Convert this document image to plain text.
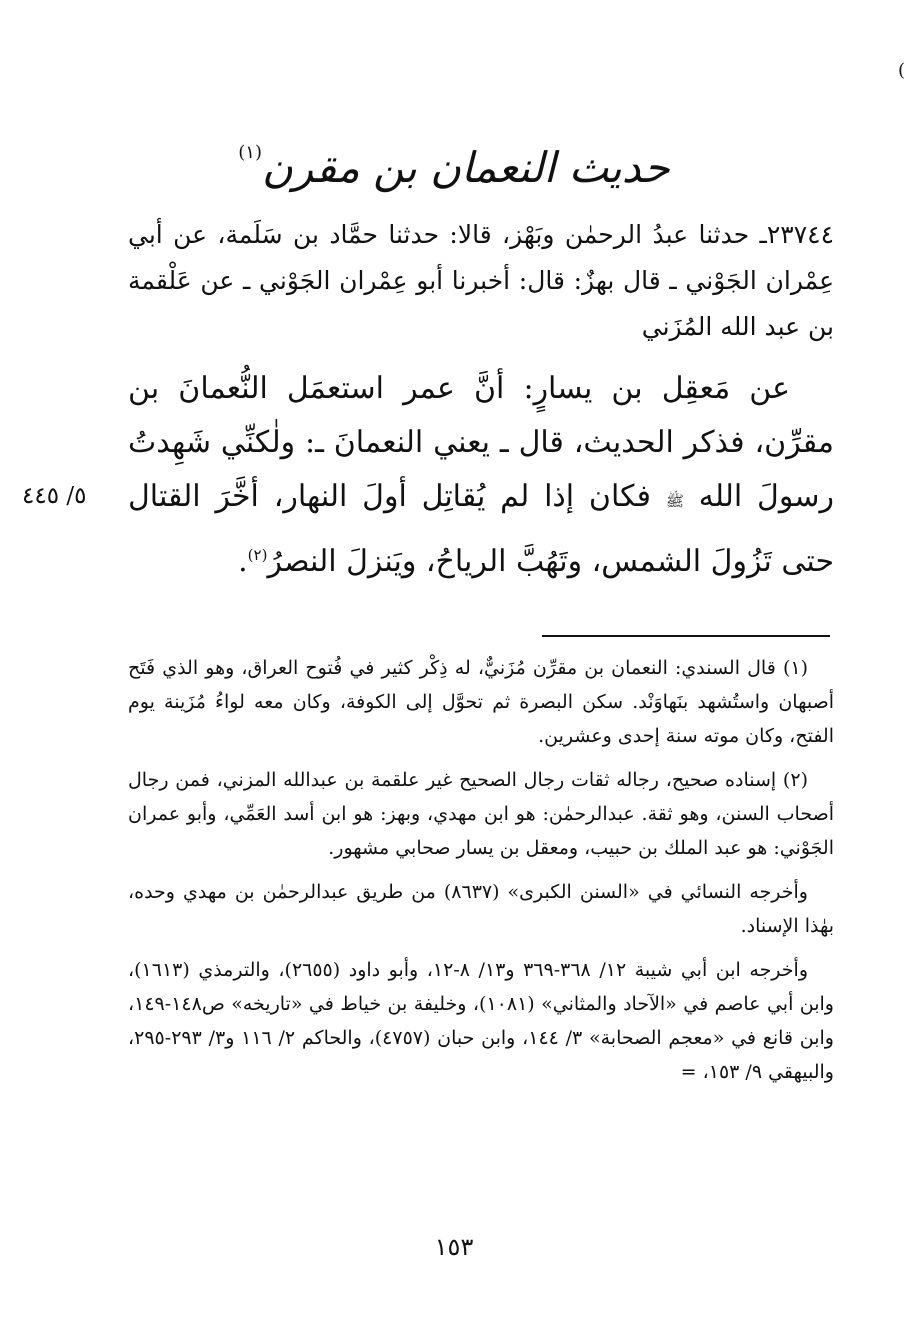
(
حديث النعمان بن مقرن$^{(١)}$
٢٣٧٤٤ـ حدثنا عبدُ الرحمٰن وبَهْز، قالا: حدثنا حمَّاد بن سَلَمة، عن أبي عِمْران الجَوْني ـ قال بهزٌ: قال: أخبرنا أبو عِمْران الجَوْني ـ عن عَلْقمة بن عبد الله المُزَني
عن مَعقِل بن يسارٍ: أنَّ عمر استعمَل النُّعمانَ بن مقرِّن، فذكر الحديث، قال ـ يعني النعمانَ ـ: ولٰكنِّي شَهِدتُ رسولَ الله ﷺ فكان إذا لم يُقاتِل أولَ النهار، أخَّرَ القتال حتى تَزُولَ الشمس، وتَهُبَّ الرياحُ، ويَنزلَ النصرُ$^{(٢)}$.
٥/ ٤٤٥

(١) قال السندي: النعمان بن مقرِّن مُزَنيٌّ، له ذِكْر كثير في فُتوح العراق، وهو الذي فَتَح أصبهان واستُشهد بنَهاوَنْد. سكن البصرة ثم تحوَّل إلى الكوفة، وكان معه لواءُ مُزَينة يوم الفتح، وكان موته سنة إحدى وعشرين.

(٢) إسناده صحيح، رجاله ثقات رجال الصحيح غير علقمة بن عبدالله المزني، فمن رجال أصحاب السنن، وهو ثقة. عبدالرحمٰن: هو ابن مهدي، وبهز: هو ابن أسد العَمِّي، وأبو عمران الجَوْني: هو عبد الملك بن حبيب، ومعقل بن يسار صحابي مشهور.

وأخرجه النسائي في «السنن الكبرى» (٨٦٣٧) من طريق عبدالرحمٰن بن مهدي وحده، بهٰذا الإسناد.

وأخرجه ابن أبي شيبة ١٢/ ٣٦٨-٣٦٩ و١٣/ ٨-١٢، وأبو داود (٢٦٥٥)، والترمذي (١٦١٣)، وابن أبي عاصم في «الآحاد والمثاني» (١٠٨١)، وخليفة بن خياط في «تاريخه» ص١٤٨-١٤٩، وابن قانع في «معجم الصحابة» ٣/ ١٤٤، وابن حبان (٤٧٥٧)، والحاكم ٢/ ١١٦ و٣/ ٢٩٣-٢٩٥، والبيهقي ٩/ ١٥٣، =

١٥٣
